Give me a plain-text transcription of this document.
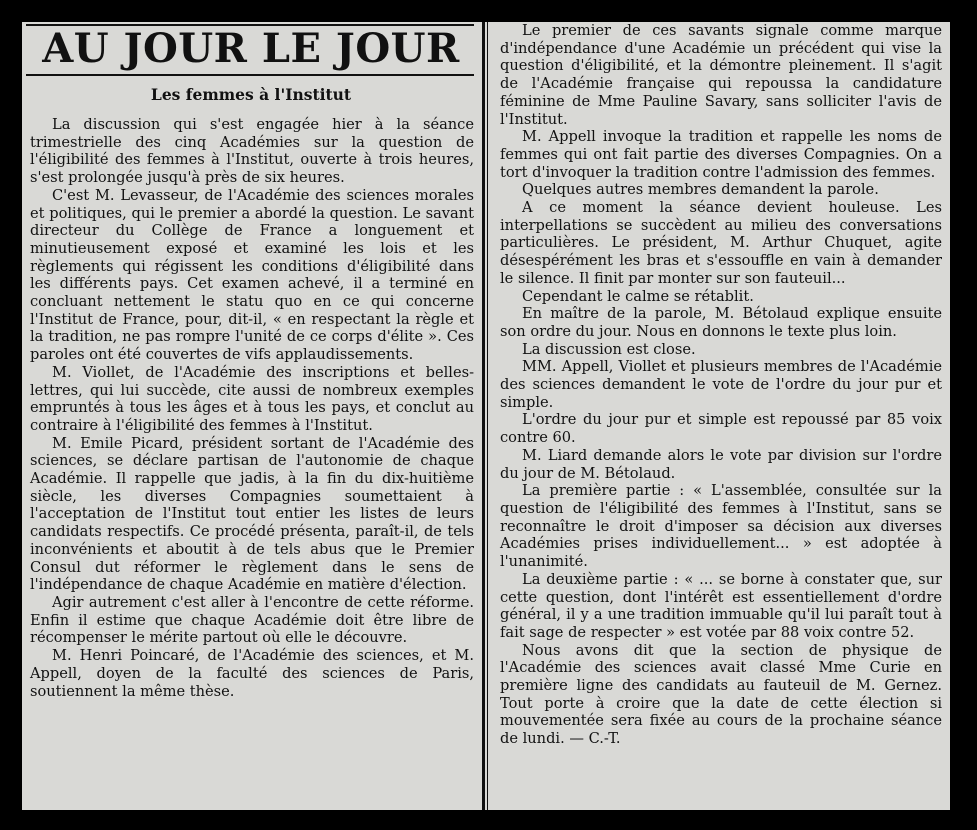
AU JOUR LE JOUR
Les femmes à l'Institut

La discussion qui s'est engagée hier à la séance trimestrielle des cinq Académies sur la question de l'éligibilité des femmes à l'Institut, ouverte à trois heures, s'est prolongée jusqu'à près de six heures.

C'est M. Levasseur, de l'Académie des sciences morales et politiques, qui le premier a abordé la question. Le savant directeur du Collège de France a longuement et minutieusement exposé et examiné les lois et les règlements qui régissent les conditions d'éligibilité dans les différents pays. Cet examen achevé, il a terminé en concluant nettement le statu quo en ce qui concerne l'Institut de France, pour, dit-il, « en respectant la règle et la tradition, ne pas rompre l'unité de ce corps d'élite ». Ces paroles ont été couvertes de vifs applaudissements.

M. Viollet, de l'Académie des inscriptions et belles-lettres, qui lui succède, cite aussi de nombreux exemples empruntés à tous les âges et à tous les pays, et conclut au contraire à l'éligibilité des femmes à l'Institut.

M. Emile Picard, président sortant de l'Académie des sciences, se déclare partisan de l'autonomie de chaque Académie. Il rappelle que jadis, à la fin du dix-huitième siècle, les diverses Compagnies soumettaient à l'acceptation de l'Institut tout entier les listes de leurs candidats respectifs. Ce procédé présenta, paraît-il, de tels inconvénients et aboutit à de tels abus que le Premier Consul dut réformer le règlement dans le sens de l'indépendance de chaque Académie en matière d'élection.

Agir autrement c'est aller à l'encontre de cette réforme. Enfin il estime que chaque Académie doit être libre de récompenser le mérite partout où elle le découvre.

M. Henri Poincaré, de l'Académie des sciences, et M. Appell, doyen de la faculté des sciences de Paris, soutiennent la même thèse.

Le premier de ces savants signale comme marque d'indépendance d'une Académie un précédent qui vise la question d'éligibilité, et la démontre pleinement. Il s'agit de l'Académie française qui repoussa la candidature féminine de Mme Pauline Savary, sans solliciter l'avis de l'Institut.

M. Appell invoque la tradition et rappelle les noms de femmes qui ont fait partie des diverses Compagnies. On a tort d'invoquer la tradition contre l'admission des femmes.

Quelques autres membres demandent la parole.

A ce moment la séance devient houleuse. Les interpellations se succèdent au milieu des conversations particulières. Le président, M. Arthur Chuquet, agite désespérément les bras et s'essouffle en vain à demander le silence. Il finit par monter sur son fauteuil...

Cependant le calme se rétablit.

En maître de la parole, M. Bétolaud explique ensuite son ordre du jour. Nous en donnons le texte plus loin.

La discussion est close.

MM. Appell, Viollet et plusieurs membres de l'Académie des sciences demandent le vote de l'ordre du jour pur et simple.

L'ordre du jour pur et simple est repoussé par 85 voix contre 60.

M. Liard demande alors le vote par division sur l'ordre du jour de M. Bétolaud.

La première partie : « L'assemblée, consultée sur la question de l'éligibilité des femmes à l'Institut, sans se reconnaître le droit d'imposer sa décision aux diverses Académies prises individuellement... » est adoptée à l'unanimité.

La deuxième partie : « ... se borne à constater que, sur cette question, dont l'intérêt est essentiellement d'ordre général, il y a une tradition immuable qu'il lui paraît tout à fait sage de respecter » est votée par 88 voix contre 52.

Nous avons dit que la section de physique de l'Académie des sciences avait classé Mme Curie en première ligne des candidats au fauteuil de M. Gernez. Tout porte à croire que la date de cette élection si mouvementée sera fixée au cours de la prochaine séance de lundi. — C.-T.
